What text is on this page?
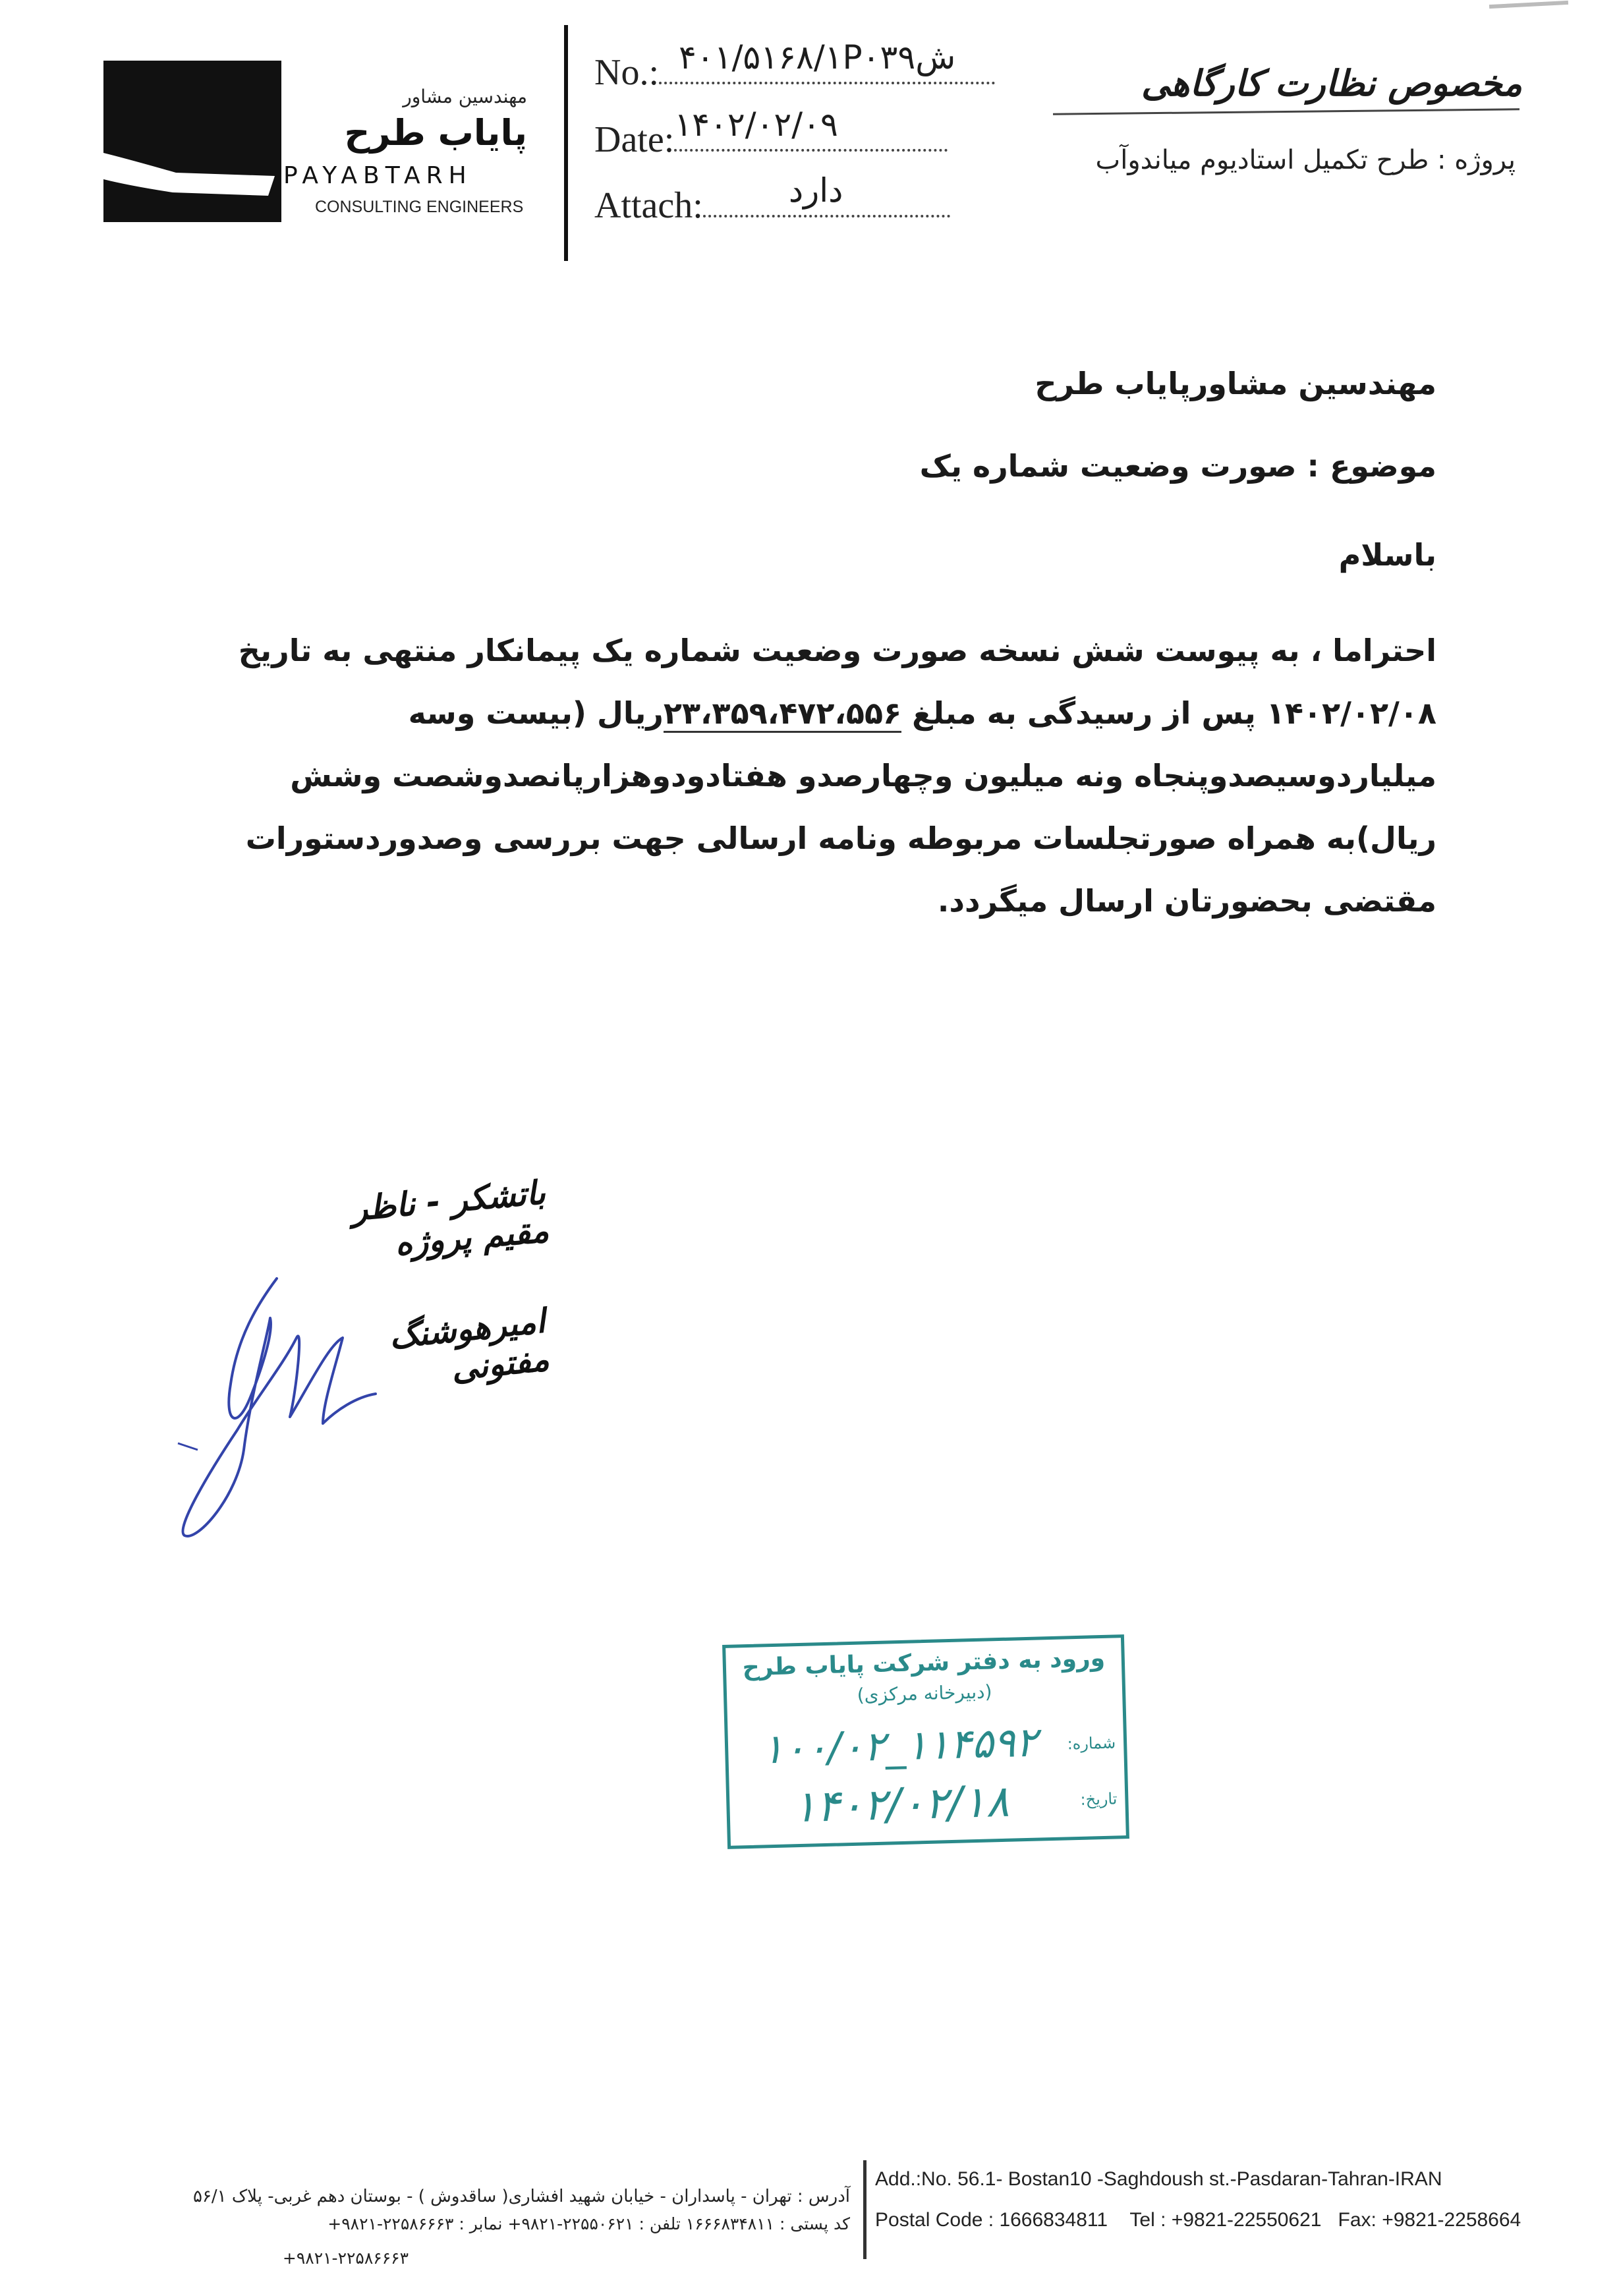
مهندسین مشاور
پایاب طرح
PAYABTARH
CONSULTING ENGINEERS
No.: ۴۰۱/۵۱۶۸/۱P۰۳۹ش
Date: ۱۴۰۲/۰۲/۰۹
Attach:	دارد
مخصوص نظارت کارگاهی
پروژه : طرح تکمیل استادیوم میاندوآب
مهندسین مشاورپایاب طرح
موضوع : صورت وضعیت شماره یک
باسلام
احتراما ، به پیوست شش نسخه صورت وضعیت شماره یک پیمانکار منتهی به تاریخ ۱۴۰۲/۰۲/۰۸ پس از رسیدگی به مبلغ ۲۳،۳۵۹،۴۷۲،۵۵۶ریال (بیست وسه میلیاردوسیصدوپنجاه ونه میلیون وچهارصدو هفتادودوهزارپانصدوشصت وشش ریال)به همراه صورتجلسات مربوطه ونامه ارسالی جهت بررسی وصدوردستورات مقتضی بحضورتان ارسال میگردد.
باتشکر - ناظر مقیم پروژه
امیرهوشنگ مفتونی
ورود به دفتر شرکت پایاب طرح
(دبیرخانه مرکزی)
شماره:
۱۰۰/۰۲_۱۱۴۵۹۲
تاریخ:
۱۴۰۲/۰۲/۱۸
Add.:No. 56.1- Bostan10 -Saghdoush st.-Pasdaran-Tahran-IRAN
Postal Code : 1666834811 Tel : +9821-22550621 Fax: +9821-2258664
آدرس : تهران - پاسداران - خیابان شهید افشاری( ساقدوش ) - بوستان دهم غربی- پلاک ۵۶/۱
کد پستی : ۱۶۶۶۸۳۴۸۱۱ تلفن : ۲۲۵۵۰۶۲۱-۹۸۲۱+ نمابر : ۲۲۵۸۶۶۶۳-۹۸۲۱+
۹۸۲۱-۲۲۵۸۶۶۶۳+
